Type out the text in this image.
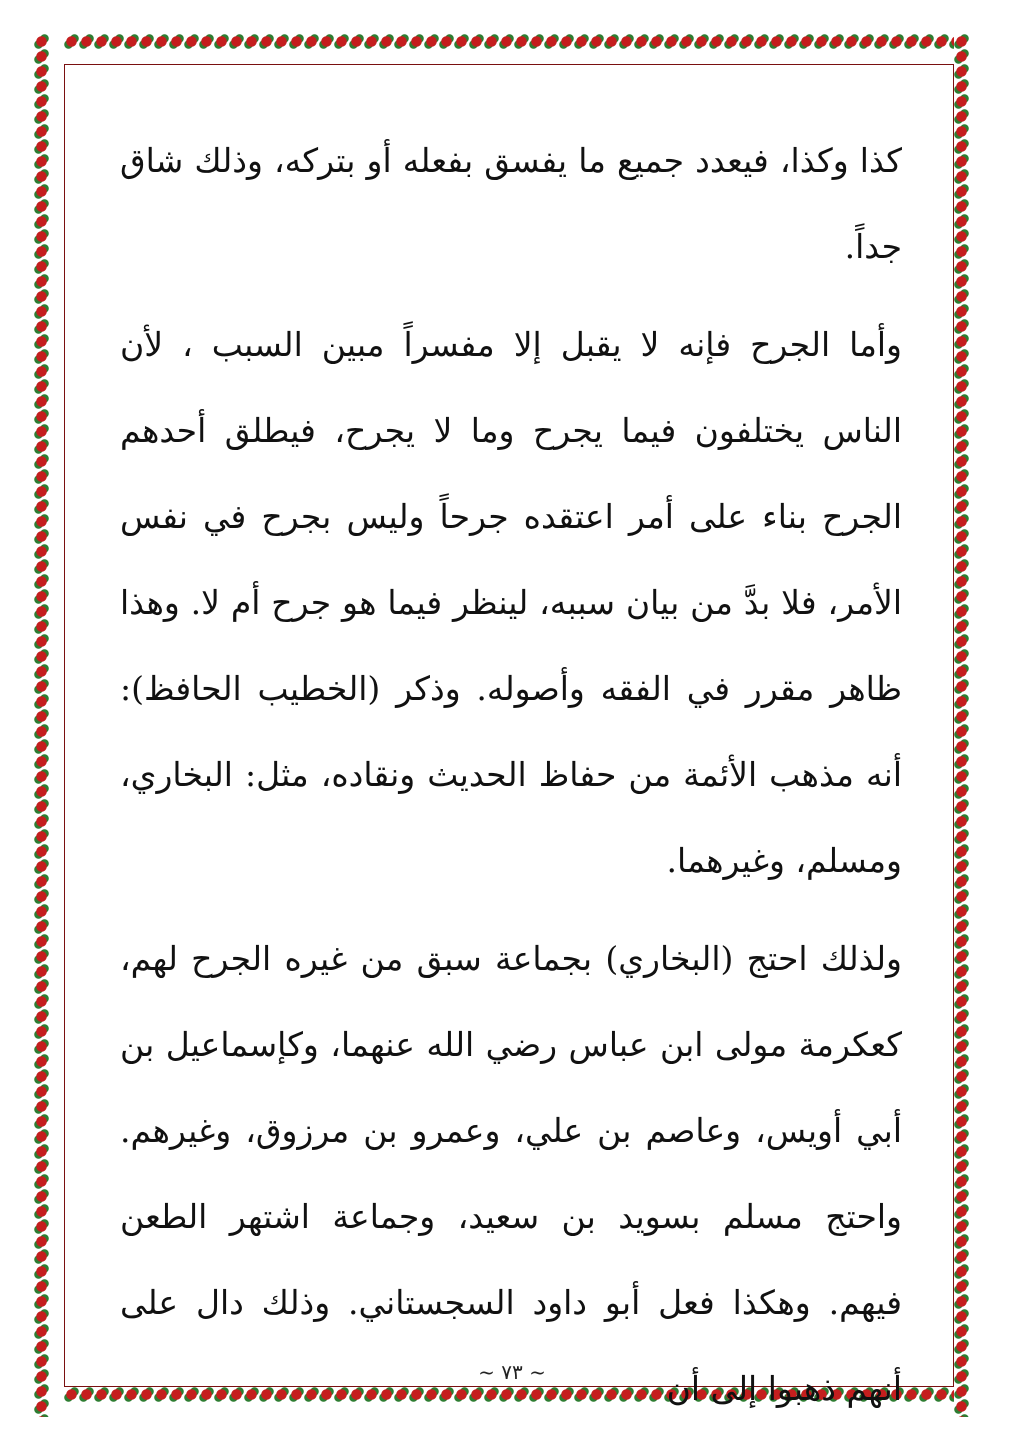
كذا وكذا، فيعدد جميع ما يفسق بفعله أو بتركه، وذلك شاق جداً.

وأما الجرح فإنه لا يقبل إلا مفسراً مبين السبب ، لأن الناس يختلفون فيما يجرح وما لا يجرح، فيطلق أحدهم الجرح بناء على أمر اعتقده جرحاً وليس بجرح في نفس الأمر، فلا بدَّ من بيان سببه، لينظر فيما هو جرح أم لا. وهذا ظاهر مقرر في الفقه وأصوله. وذكر (الخطيب الحافظ): أنه مذهب الأئمة من حفاظ الحديث ونقاده، مثل: البخاري، ومسلم، وغيرهما.

ولذلك احتج (البخاري) بجماعة سبق من غيره الجرح لهم، كعكرمة مولى ابن عباس رضي الله عنهما، وكإسماعيل بن أبي أويس، وعاصم بن علي، وعمرو بن مرزوق، وغيرهم. واحتج مسلم بسويد بن سعيد، وجماعة اشتهر الطعن فيهم. وهكذا فعل أبو داود السجستاني. وذلك دال على أنهم ذهبوا إلى أن

~ ٧٣ ~
